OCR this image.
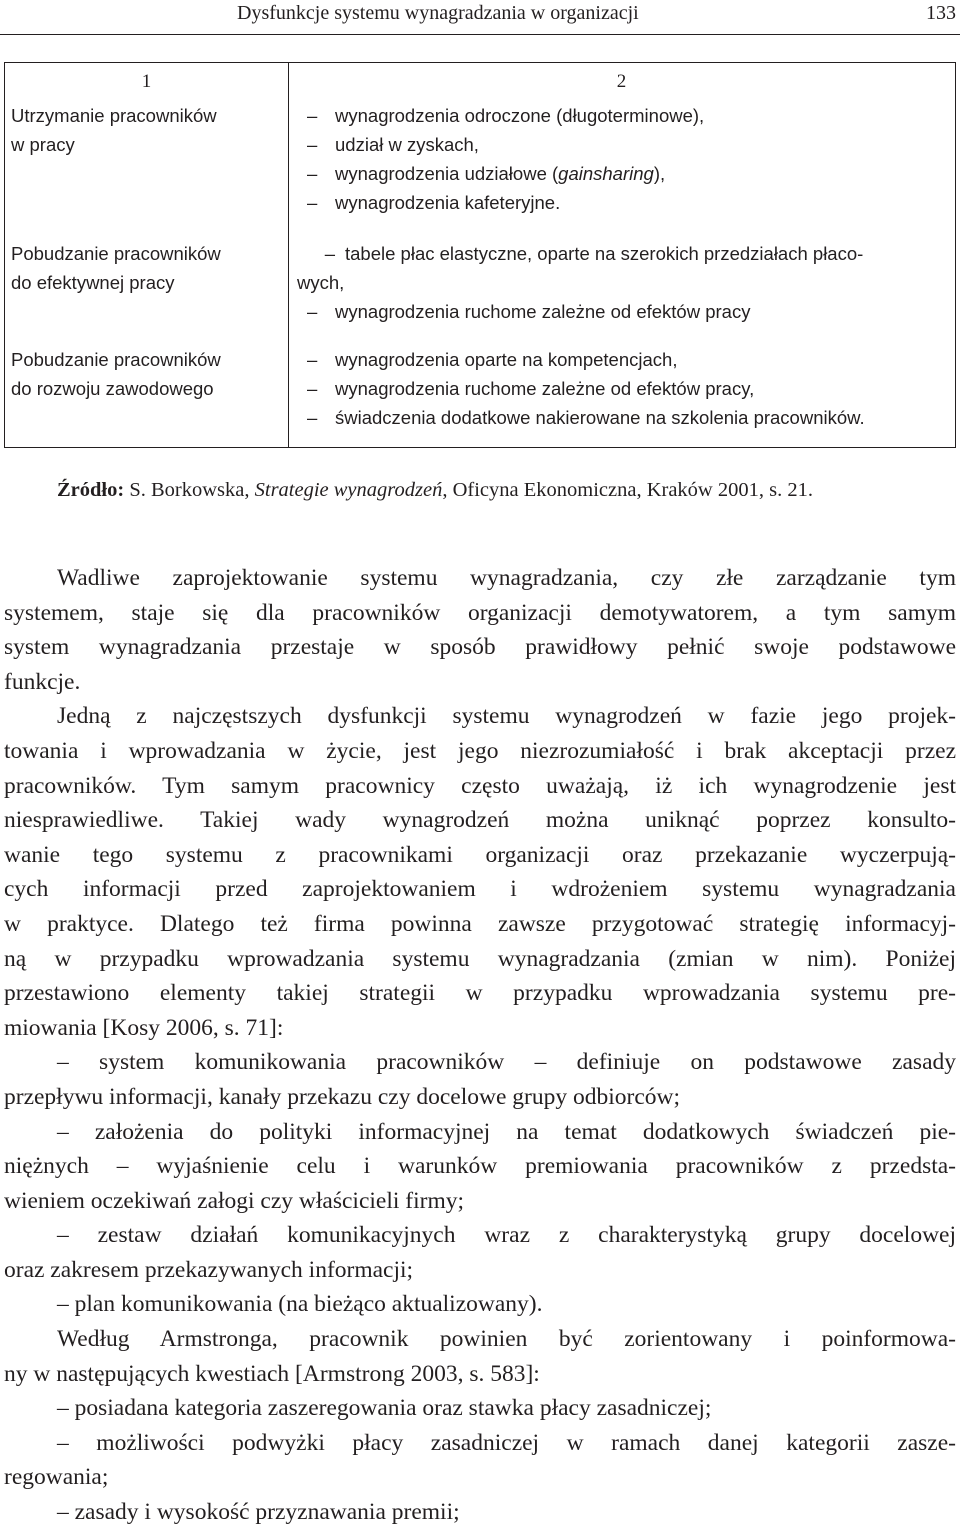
Dysfunkcje systemu wynagradzania w organizacji	133
1	2
Utrzymanie pracowników
w pracy
– wynagrodzenia odroczone (długoterminowe),
– udział w zyskach,
– wynagrodzenia udziałowe (gainsharing),
– wynagrodzenia kafeteryjne.
Pobudzanie pracowników
do efektywnej pracy
– tabele płac elastyczne, oparte na szerokich przedziałach płaco-
wych,
– wynagrodzenia ruchome zależne od efektów pracy
Pobudzanie pracowników
do rozwoju zawodowego
– wynagrodzenia oparte na kompetencjach,
– wynagrodzenia ruchome zależne od efektów pracy,
– świadczenia dodatkowe nakierowane na szkolenia pracowników.
Źródło: S. Borkowska, Strategie wynagrodzeń, Oficyna Ekonomiczna, Kraków 2001, s. 21.
Wadliwe zaprojektowanie systemu wynagradzania, czy złe zarządzanie tym
systemem, staje się dla pracowników organizacji demotywatorem, a tym samym
system wynagradzania przestaje w sposób prawidłowy pełnić swoje podstawowe
funkcje.
Jedną z najczęstszych dysfunkcji systemu wynagrodzeń w fazie jego projek-
towania i wprowadzania w życie, jest jego niezrozumiałość i brak akceptacji przez
pracowników. Tym samym pracownicy często uważają, iż ich wynagrodzenie jest
niesprawiedliwe. Takiej wady wynagrodzeń można uniknąć poprzez konsulto-
wanie tego systemu z pracownikami organizacji oraz przekazanie wyczerpują-
cych informacji przed zaprojektowaniem i wdrożeniem systemu wynagradzania
w praktyce. Dlatego też firma powinna zawsze przygotować strategię informacyj-
ną w przypadku wprowadzania systemu wynagradzania (zmian w nim). Poniżej
przestawiono elementy takiej strategii w przypadku wprowadzania systemu pre-
miowania [Kosy 2006, s. 71]:
– system komunikowania pracowników – definiuje on podstawowe zasady
przepływu informacji, kanały przekazu czy docelowe grupy odbiorców;
– założenia do polityki informacyjnej na temat dodatkowych świadczeń pie-
niężnych – wyjaśnienie celu i warunków premiowania pracowników z przedsta-
wieniem oczekiwań załogi czy właścicieli firmy;
– zestaw działań komunikacyjnych wraz z charakterystyką grupy docelowej
oraz zakresem przekazywanych informacji;
– plan komunikowania (na bieżąco aktualizowany).
Według Armstronga, pracownik powinien być zorientowany i poinformowa-
ny w następujących kwestiach [Armstrong 2003, s. 583]:
– posiadana kategoria zaszeregowania oraz stawka płacy zasadniczej;
– możliwości podwyżki płacy zasadniczej w ramach danej kategorii zasze-
regowania;
– zasady i wysokość przyznawania premii;
